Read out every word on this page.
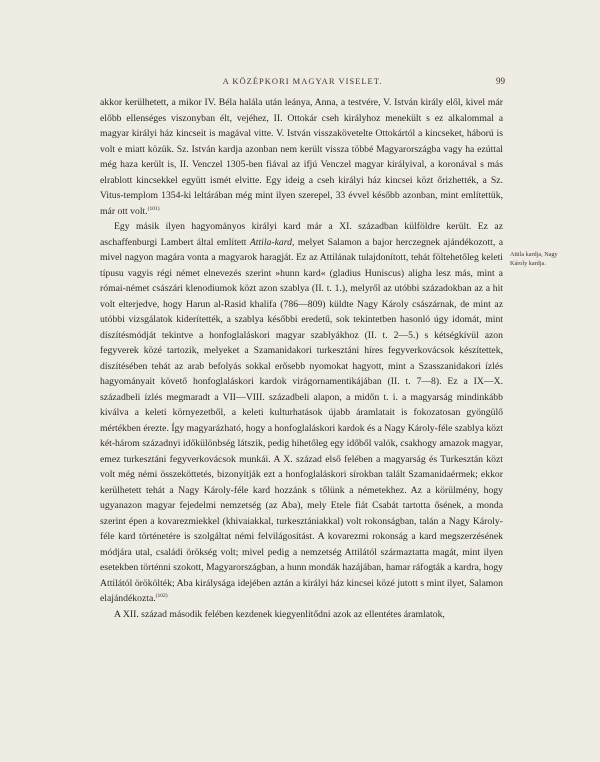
A KÖZÉPKORI MAGYAR VISELET.	99

akkor kerülhetett, a mikor IV. Béla halála után leánya, Anna, a testvére, V. István király elől, kivel már előbb ellenséges viszonyban élt, vejéhez, II. Ottokár cseh királyhoz menekült s ez alkalommal a magyar királyi ház kincseit is magával vitte. V. István visszakövetelte Ottokártól a kincseket, háború is volt e miatt közük. Sz. István kardja azonban nem került vissza többé Magyarországba vagy ha ezúttal még haza került is, II. Venczel 1305-ben fiával az ifjú Venczel magyar királyival, a koronával s más elrablott kincsekkel együtt ismét elvitte. Egy ideig a cseh királyi ház kincsei közt őrizhették, a Sz. Vitus-templom 1354-ki leltárában még mint ilyen szerepel, 33 évvel később azonban, mint említettük, már ott volt.$^{(101)}$

Egy másik ilyen hagyományos királyi kard már a XI. században külföldre került. Ez az aschaffenburgi Lambert által említett Attila-kard, melyet Salamon a bajor herczegnek ajándékozott, a mivel nagyon magára vonta a magyarok haragját. Ez az Attilának tulajdonított, tehát föltehetőleg keleti típusu vagyis régi német elnevezés szerint »hunn kard« (gladius Huniscus) aligha lesz más, mint a római-német császári klenodiumok közt azon szablya (II. t. 1.), melyről az utóbbi századokban az a hit volt elterjedve, hogy Harun al-Rasid khalifa (786—809) küldte Nagy Károly császárnak, de mint az utóbbi vizsgálatok kiderítették, a szablya későbbi eredetű, sok tekintetben hasonló úgy idomát, mint díszítésmódját tekintve a honfoglaláskori magyar szablyákhoz (II. t. 2—5.) s kétségkívül azon fegyverek közé tartozik, melyeket a Szamanidakori turkesztáni híres fegyverkovácsok készítettek, díszítésében tehát az arab befolyás sokkal erősebb nyomokat hagyott, mint a Szasszanidakori ízlés hagyományait követő honfoglaláskori kardok virágornamentikájában (II. t. 7—8). Ez a IX—X. századbeli ízlés megmaradt a VII—VIII. századbeli alapon, a midőn t. i. a magyarság mindinkább kiválva a keleti környezetből, a keleti kulturhatások újabb áramlatait is fokozatosan gyöngülő mértékben érezte. Így magyarázható, hogy a honfoglaláskori kardok és a Nagy Károly-féle szablya közt két-három századnyi időkülönbség látszik, pedig hihetőleg egy időből valók, csakhogy amazok magyar, emez turkesztáni fegyverkovácsok munkái. A X. század első felében a magyarság és Turkesztán közt volt még némi összeköttetés, bizonyítják ezt a honfoglaláskori sírokban talált Szamanidaérmek; ekkor kerülhetett tehát a Nagy Károly-féle kard hozzánk s tőlünk a németekhez. Az a körülmény, hogy ugyanazon magyar fejedelmi nemzetség (az Aba), mely Etele fiát Csabát tartotta ősének, a monda szerint épen a kovarezmiekkel (khivaiakkal, turkesztániakkal) volt rokonságban, talán a Nagy Károly-féle kard történetére is szolgáltat némi felvilágosítást. A kovarezmi rokonság a kard megszerzésének módjára utal, családi örökség volt; mivel pedig a nemzetség Attilától származtatta magát, mint ilyen esetekben történni szokott, Magyarországban, a hunn mondák hazájában, hamar ráfogták a kardra, hogy Attilától örökölték; Aba királysága idejében aztán a királyi ház kincsei közé jutott s mint ilyet, Salamon elajándékozta.$^{(102)}$

A XII. század második felében kezdenek kiegyenlítődni azok az ellentétes áramlatok,

Attila kardja, Nagy Károly kardja.
